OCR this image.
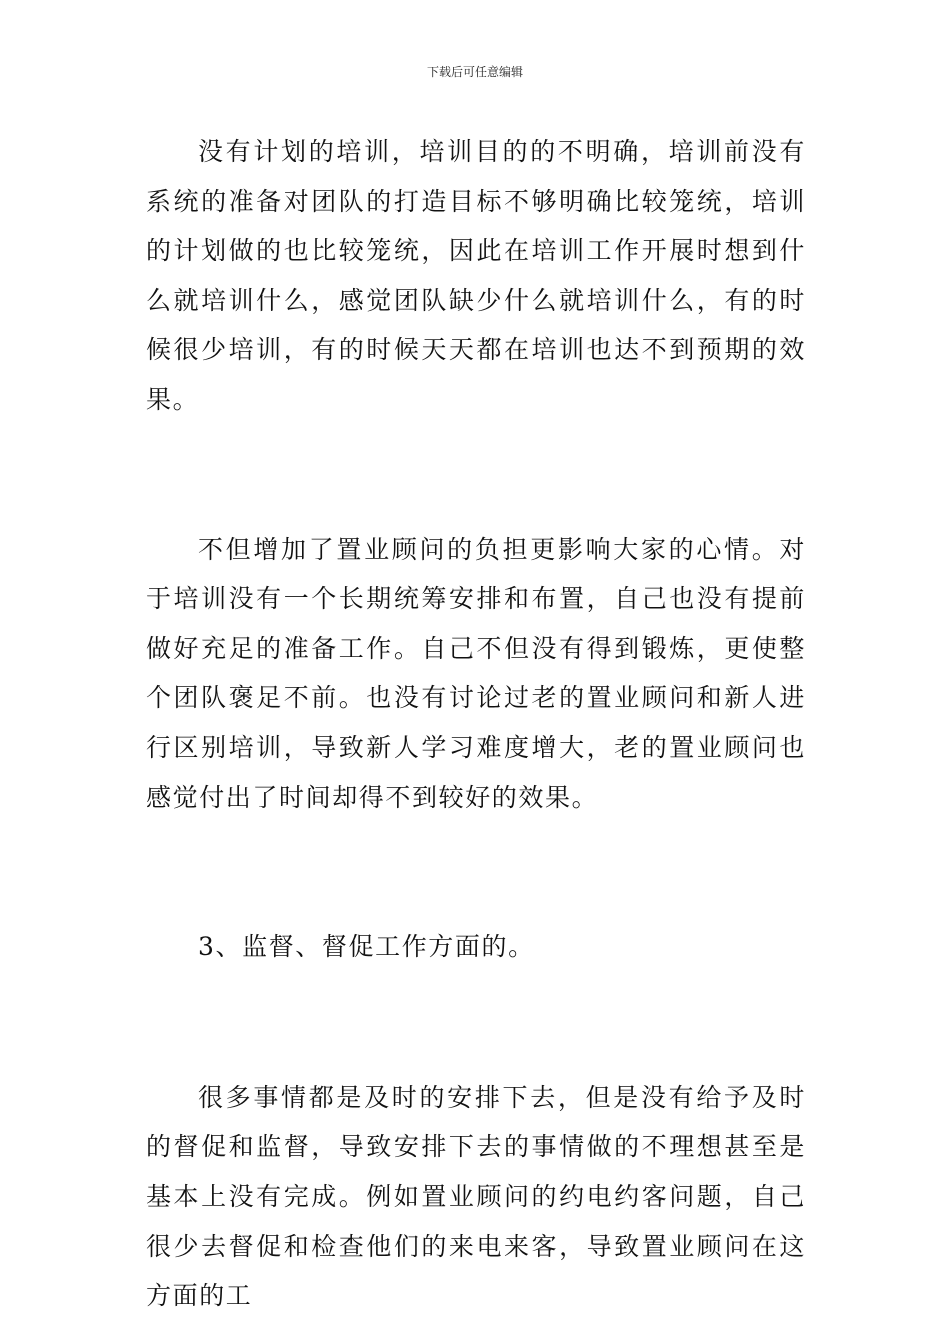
下载后可任意编辑

没有计划的培训，培训目的的不明确，培训前没有系统的准备对团队的打造目标不够明确比较笼统，培训的计划做的也比较笼统，因此在培训工作开展时想到什么就培训什么，感觉团队缺少什么就培训什么，有的时候很少培训，有的时候天天都在培训也达不到预期的效果。

不但增加了置业顾问的负担更影响大家的心情。对于培训没有一个长期统筹安排和布置，自己也没有提前做好充足的准备工作。自己不但没有得到锻炼，更使整个团队褒足不前。也没有讨论过老的置业顾问和新人进行区别培训，导致新人学习难度增大，老的置业顾问也感觉付出了时间却得不到较好的效果。

3、监督、督促工作方面的。

很多事情都是及时的安排下去，但是没有给予及时的督促和监督，导致安排下去的事情做的不理想甚至是基本上没有完成。例如置业顾问的约电约客问题，自己很少去督促和检查他们的来电来客，导致置业顾问在这方面的工
